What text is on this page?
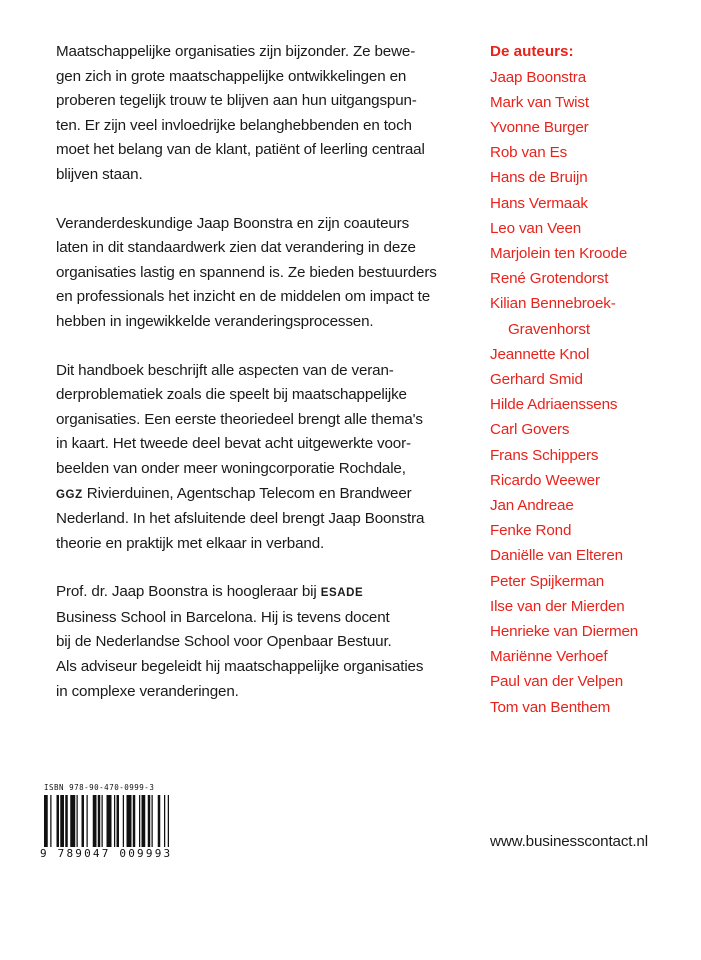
Maatschappelijke organisaties zijn bijzonder. Ze bewe-
gen zich in grote maatschappelijke ontwikkelingen en
proberen tegelijk trouw te blijven aan hun uitgangspun-
ten. Er zijn veel invloedrijke belanghebbenden en toch
moet het belang van de klant, patiënt of leerling centraal
blijven staan.

Veranderdeskundige Jaap Boonstra en zijn coauteurs
laten in dit standaardwerk zien dat verandering in deze
organisaties lastig en spannend is. Ze bieden bestuurders
en professionals het inzicht en de middelen om impact te
hebben in ingewikkelde veranderingsprocessen.

Dit handboek beschrijft alle aspecten van de veran-
derproblematiek zoals die speelt bij maatschappelijke
organisaties. Een eerste theoriedeel brengt alle thema's
in kaart. Het tweede deel bevat acht uitgewerkte voor-
beelden van onder meer woningcorporatie Rochdale,
GGZ Rivierduinen, Agentschap Telecom en Brandweer
Nederland. In het afsluitende deel brengt Jaap Boonstra
theorie en praktijk met elkaar in verband.

Prof. dr. Jaap Boonstra is hoogleraar bij ESADE
Business School in Barcelona. Hij is tevens docent
bij de Nederlandse School voor Openbaar Bestuur.
Als adviseur begeleidt hij maatschappelijke organisaties
in complexe veranderingen.

De auteurs:
Jaap Boonstra
Mark van Twist
Yvonne Burger
Rob van Es
Hans de Bruijn
Hans Vermaak
Leo van Veen
Marjolein ten Kroode
René Grotendorst
Kilian Bennebroek-
Gravenhorst
Jeannette Knol
Gerhard Smid
Hilde Adriaenssens
Carl Govers
Frans Schippers
Ricardo Weewer
Jan Andreae
Fenke Rond
Daniëlle van Elteren
Peter Spijkerman
Ilse van der Mierden
Henrieke van Diermen
Mariënne Verhoef
Paul van der Velpen
Tom van Benthem
ISBN 978-90-470-0999-3
9 789047 009993
www.businesscontact.nl
